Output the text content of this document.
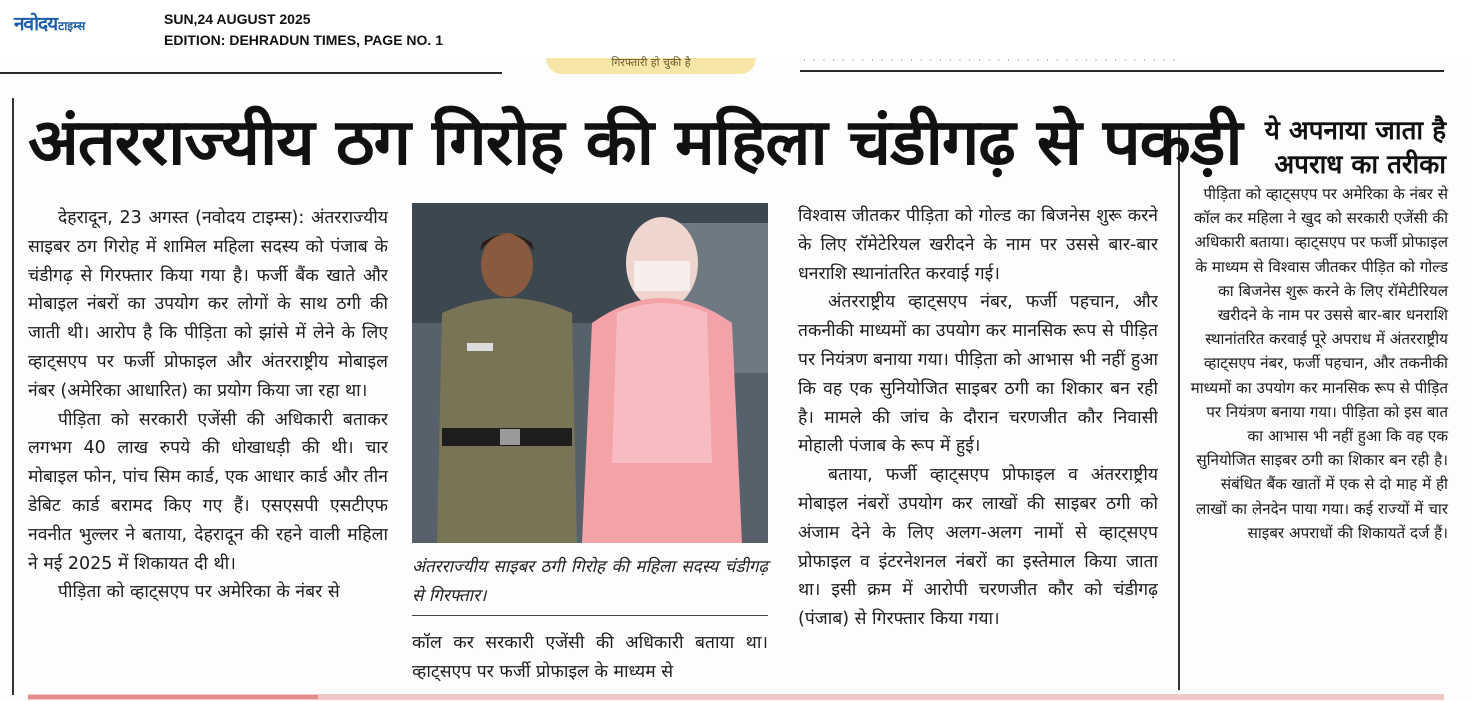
नवोदय टाइम्स	SUN,24 AUGUST 2025
EDITION: DEHRADUN TIMES, PAGE NO. 1
गिरफ्तारी हो चुकी है	· · · · · · · · · · · · · · · · · · · · · · · · · · · · · · · · · · · · · · ·
अंतरराज्यीय ठग गिरोह की महिला चंडीगढ़ से पकड़ी

देहरादून, 23 अगस्त (नवोदय टाइम्स): अंतरराज्यीय साइबर ठग गिरोह में शामिल महिला सदस्य को पंजाब के चंडीगढ़ से गिरफ्तार किया गया है। फर्जी बैंक खाते और मोबाइल नंबरों का उपयोग कर लोगों के साथ ठगी की जाती थी। आरोप है कि पीड़िता को झांसे में लेने के लिए व्हाट्सएप पर फर्जी प्रोफाइल और अंतरराष्ट्रीय मोबाइल नंबर (अमेरिका आधारित) का प्रयोग किया जा रहा था।

पीड़िता को सरकारी एजेंसी की अधिकारी बताकर लगभग 40 लाख रुपये की धोखाधड़ी की थी। चार मोबाइल फोन, पांच सिम कार्ड, एक आधार कार्ड और तीन डेबिट कार्ड बरामद किए गए हैं। एसएसपी एसटीएफ नवनीत भुल्लर ने बताया, देहरादून की रहने वाली महिला ने मई 2025 में शिकायत दी थी।

पीड़िता को व्हाट्सएप पर अमेरिका के नंबर से

अंतरराज्यीय साइबर ठगी गिरोह की महिला सदस्य चंडीगढ़ से गिरफ्तार।

कॉल कर सरकारी एजेंसी की अधिकारी बताया था। व्हाट्सएप पर फर्जी प्रोफाइल के माध्यम से

विश्वास जीतकर पीड़िता को गोल्ड का बिजनेस शुरू करने के लिए रॉमेटेरियल खरीदने के नाम पर उससे बार-बार धनराशि स्थानांतरित करवाई गई।

अंतरराष्ट्रीय व्हाट्सएप नंबर, फर्जी पहचान, और तकनीकी माध्यमों का उपयोग कर मानसिक रूप से पीड़ित पर नियंत्रण बनाया गया। पीड़िता को आभास भी नहीं हुआ कि वह एक सुनियोजित साइबर ठगी का शिकार बन रही है। मामले की जांच के दौरान चरणजीत कौर निवासी मोहाली पंजाब के रूप में हुई।

बताया, फर्जी व्हाट्सएप प्रोफाइल व अंतरराष्ट्रीय मोबाइल नंबरों उपयोग कर लाखों की साइबर ठगी को अंजाम देने के लिए अलग-अलग नामों से व्हाट्सएप प्रोफाइल व इंटरनेशनल नंबरों का इस्तेमाल किया जाता था। इसी क्रम में आरोपी चरणजीत कौर को चंडीगढ़ (पंजाब) से गिरफ्तार किया गया।

ये अपनाया जाता है अपराध का तरीका
पीड़िता को व्हाट्सएप पर अमेरिका के नंबर से कॉल कर महिला ने खुद को सरकारी एजेंसी की अधिकारी बताया। व्हाट्सएप पर फर्जी प्रोफाइल के माध्यम से विश्वास जीतकर पीड़ित को गोल्ड का बिजनेस शुरू करने के लिए रॉमेटीरियल खरीदने के नाम पर उससे बार-बार धनराशि स्थानांतरित करवाई पूरे अपराध में अंतरराष्ट्रीय व्हाट्सएप नंबर, फर्जी पहचान, और तकनीकी माध्यमों का उपयोग कर मानसिक रूप से पीड़ित पर नियंत्रण बनाया गया। पीड़िता को इस बात का आभास भी नहीं हुआ कि वह एक सुनियोजित साइबर ठगी का शिकार बन रही है। संबंधित बैंक खातों में एक से दो माह में ही लाखों का लेनदेन पाया गया। कई राज्यों में चार साइबर अपराधों की शिकायतें दर्ज हैं।
